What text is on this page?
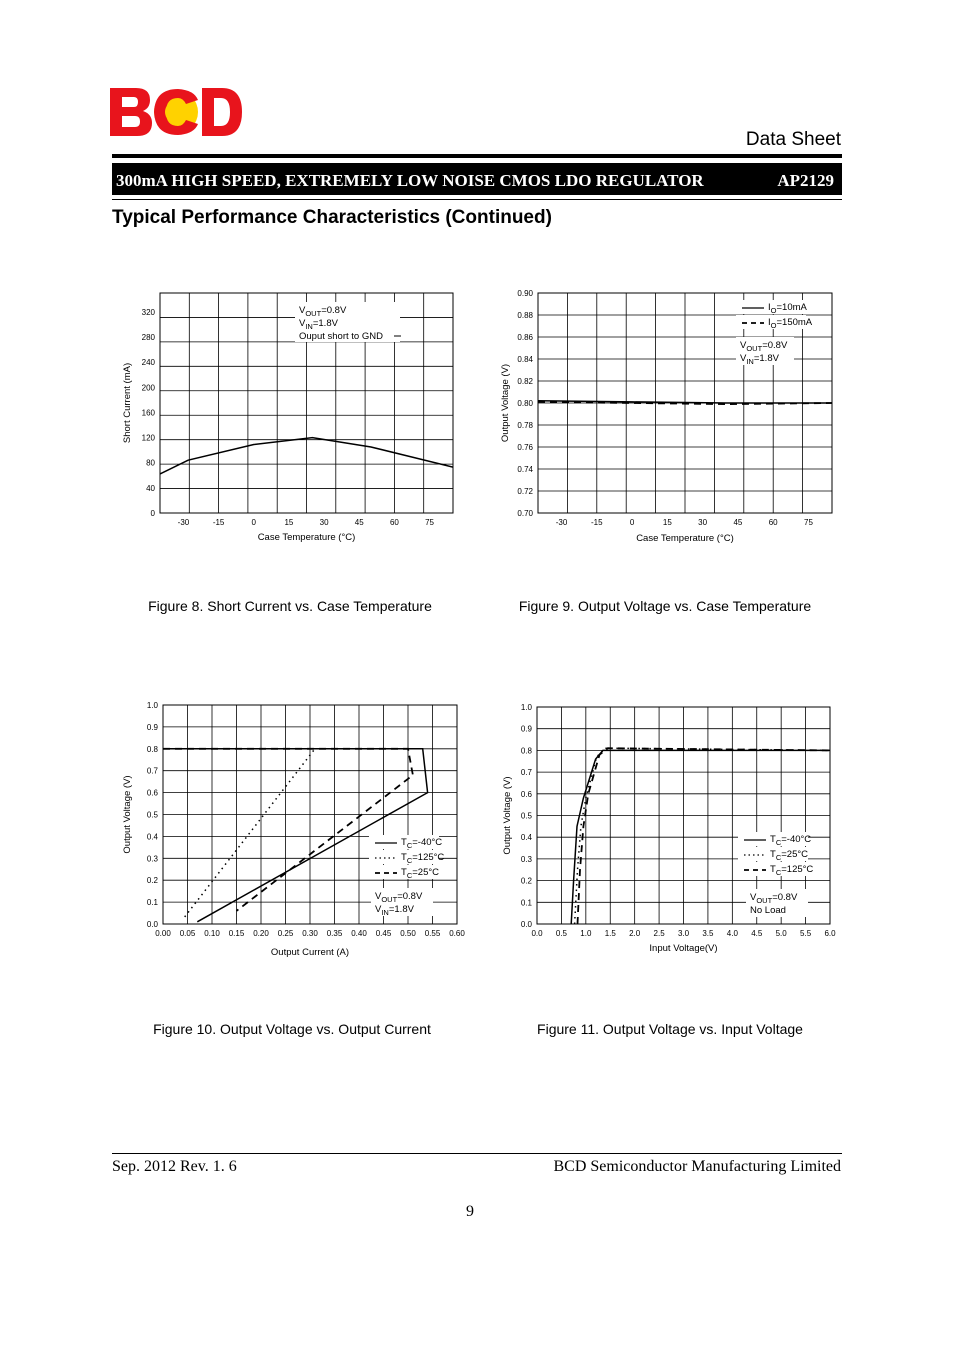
Data Sheet
300mA HIGH SPEED, EXTREMELY LOW NOISE CMOS LDO REGULATOR	AP2129
Typical Performance Characteristics (Continued)
-30	-15	0	15	30	45	60	75
0
40
80
120
160
200
240
280
320
Case Temperature (°C)
Short Current (mA)
$V_{OUT}=0.8V$
$V_{IN}=1.8V$
Ouput short to GND
Figure 8. Short Current vs. Case Temperature
-30	-15	0	15	30	45	60	75
0.70
0.72
0.74
0.76
0.78
0.80
0.82
0.84
0.86
0.88
0.90
Case Temperature (°C)
Output Voltage (V)
$I_O=10mA$
$I_O=150mA$
$V_{OUT}=0.8V$
$V_{IN}=1.8V$
Figure 9. Output Voltage vs. Case Temperature
0.00 0.05 0.10 0.15 0.20 0.25 0.30 0.35 0.40 0.45 0.50 0.55 0.60
0.0
0.1
0.2
0.3
0.4
0.5
0.6
0.7
0.8
0.9
1.0
Output Current (A)
Output Voltage (V)	$T_C=-40^\circ C$
$T_C=125^\circ C$
$T_C=25^\circ C$
$V_{OUT}=0.8V$
$V_{IN}=1.8V$
Figure 10. Output Voltage vs. Output Current
0.0 0.5 1.0 1.5 2.0 2.5 3.0 3.5 4.0 4.5 5.0 5.5 6.0
0.0
0.1
0.2
0.3
0.4
0.5
0.6
0.7
0.8
0.9
1.0
Input Voltage(V)
Output Voltage (V)	$T_C=-40^\circ C$
$T_C=25^\circ C$
$T_C=125^\circ C$
$V_{OUT}=0.8V$
No Load
Figure 11. Output Voltage vs. Input Voltage
Sep. 2012 Rev. 1. 6	BCD Semiconductor Manufacturing Limited
9
